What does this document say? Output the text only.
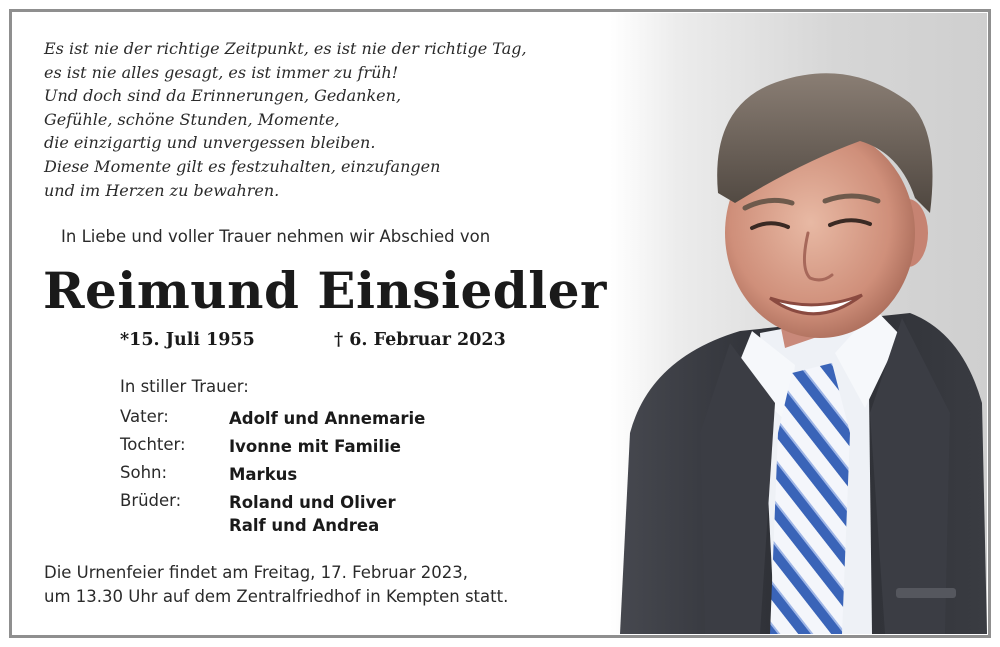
Es ist nie der richtige Zeitpunkt, es ist nie der richtige Tag,
es ist nie alles gesagt, es ist immer zu früh!
Und doch sind da Erinnerungen, Gedanken,
Gefühle, schöne Stunden, Momente,
die einzigartig und unvergessen bleiben.
Diese Momente gilt es festzuhalten, einzufangen
und im Herzen zu bewahren.
In Liebe und voller Trauer nehmen wir Abschied von
Reimund Einsiedler
*15. Juli 1955	† 6. Februar 2023
In stiller Trauer:
Vater:	Adolf und Annemarie
Tochter:	Ivonne mit Familie
Sohn:	Markus
Brüder:	Roland und Oliver
Ralf und Andrea
Die Urnenfeier findet am Freitag, 17. Februar 2023,
um 13.30 Uhr auf dem Zentralfriedhof in Kempten statt.
